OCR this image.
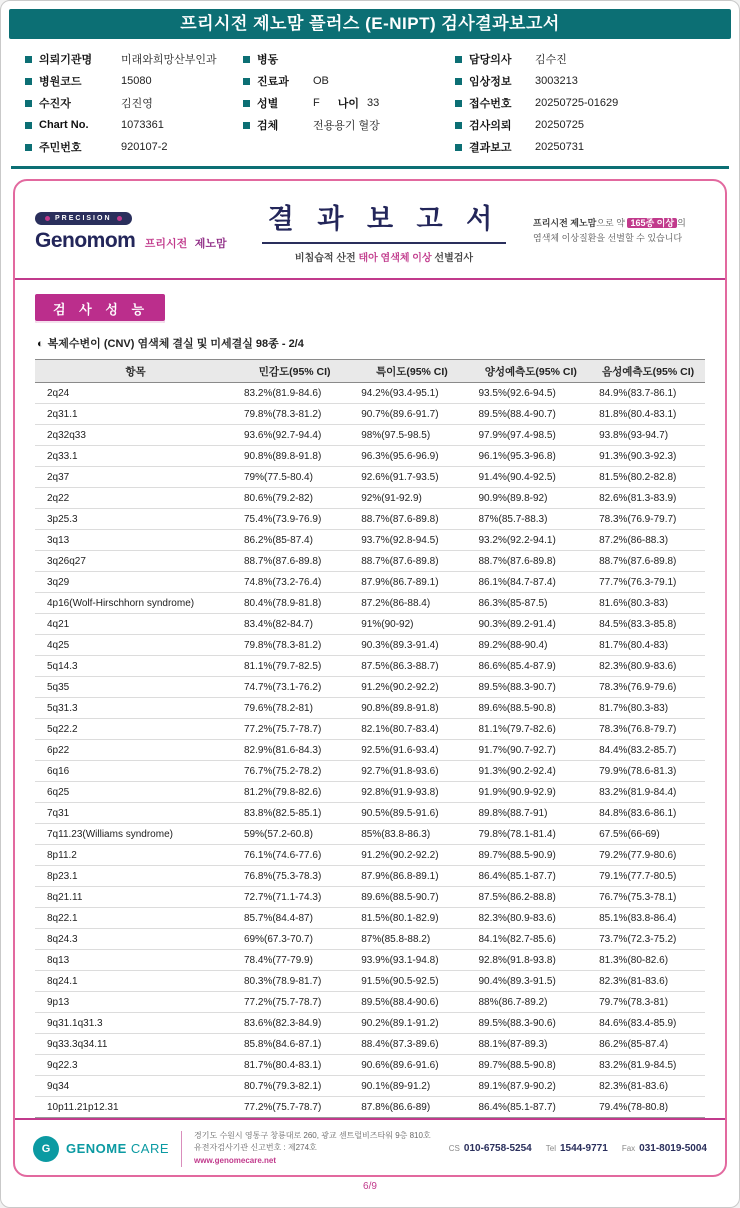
프리시전 제노맘 플러스 (E-NIPT) 검사결과보고서
의뢰기관명	미래와희망산부인과
병원코드	15080
수진자	김진영
Chart No.	1073361
주민번호	920107-2
병동
진료과	OB
성별	F 나이 33
검체	전용용기 혈장
담당의사	김수진
임상정보	3003213
접수번호	20250725-01629
검사의뢰	20250725
결과보고	20250731
PRECISION
Genomom 프리시전 제노맘
결 과 보 고 서
비침습적 산전 태아 염색체 이상 선별검사
프리시전 제노맘으로 약 165종 이상 의
염색체 이상질환을 선별할 수 있습니다
검 사 성 능
◐ 복제수변이 (CNV) 염색체 결실 및 미세결실 98종 - 2/4
항목	민감도(95% CI)	특이도(95% CI)	양성예측도(95% CI)	음성예측도(95% CI)
2q24	83.2%(81.9-84.6)	94.2%(93.4-95.1)	93.5%(92.6-94.5)	84.9%(83.7-86.1)
2q31.1	79.8%(78.3-81.2)	90.7%(89.6-91.7)	89.5%(88.4-90.7)	81.8%(80.4-83.1)
2q32q33	93.6%(92.7-94.4)	98%(97.5-98.5)	97.9%(97.4-98.5)	93.8%(93-94.7)
2q33.1	90.8%(89.8-91.8)	96.3%(95.6-96.9)	96.1%(95.3-96.8)	91.3%(90.3-92.3)
2q37	79%(77.5-80.4)	92.6%(91.7-93.5)	91.4%(90.4-92.5)	81.5%(80.2-82.8)
2q22	80.6%(79.2-82)	92%(91-92.9)	90.9%(89.8-92)	82.6%(81.3-83.9)
3p25.3	75.4%(73.9-76.9)	88.7%(87.6-89.8)	87%(85.7-88.3)	78.3%(76.9-79.7)
3q13	86.2%(85-87.4)	93.7%(92.8-94.5)	93.2%(92.2-94.1)	87.2%(86-88.3)
3q26q27	88.7%(87.6-89.8)	88.7%(87.6-89.8)	88.7%(87.6-89.8)	88.7%(87.6-89.8)
3q29	74.8%(73.2-76.4)	87.9%(86.7-89.1)	86.1%(84.7-87.4)	77.7%(76.3-79.1)
4p16(Wolf-Hirschhorn syndrome)	80.4%(78.9-81.8)	87.2%(86-88.4)	86.3%(85-87.5)	81.6%(80.3-83)
4q21	83.4%(82-84.7)	91%(90-92)	90.3%(89.2-91.4)	84.5%(83.3-85.8)
4q25	79.8%(78.3-81.2)	90.3%(89.3-91.4)	89.2%(88-90.4)	81.7%(80.4-83)
5q14.3	81.1%(79.7-82.5)	87.5%(86.3-88.7)	86.6%(85.4-87.9)	82.3%(80.9-83.6)
5q35	74.7%(73.1-76.2)	91.2%(90.2-92.2)	89.5%(88.3-90.7)	78.3%(76.9-79.6)
5q31.3	79.6%(78.2-81)	90.8%(89.8-91.8)	89.6%(88.5-90.8)	81.7%(80.3-83)
5q22.2	77.2%(75.7-78.7)	82.1%(80.7-83.4)	81.1%(79.7-82.6)	78.3%(76.8-79.7)
6p22	82.9%(81.6-84.3)	92.5%(91.6-93.4)	91.7%(90.7-92.7)	84.4%(83.2-85.7)
6q16	76.7%(75.2-78.2)	92.7%(91.8-93.6)	91.3%(90.2-92.4)	79.9%(78.6-81.3)
6q25	81.2%(79.8-82.6)	92.8%(91.9-93.8)	91.9%(90.9-92.9)	83.2%(81.9-84.4)
7q31	83.8%(82.5-85.1)	90.5%(89.5-91.6)	89.8%(88.7-91)	84.8%(83.6-86.1)
7q11.23(Williams syndrome)	59%(57.2-60.8)	85%(83.8-86.3)	79.8%(78.1-81.4)	67.5%(66-69)
8p11.2	76.1%(74.6-77.6)	91.2%(90.2-92.2)	89.7%(88.5-90.9)	79.2%(77.9-80.6)
8p23.1	76.8%(75.3-78.3)	87.9%(86.8-89.1)	86.4%(85.1-87.7)	79.1%(77.7-80.5)
8q21.11	72.7%(71.1-74.3)	89.6%(88.5-90.7)	87.5%(86.2-88.8)	76.7%(75.3-78.1)
8q22.1	85.7%(84.4-87)	81.5%(80.1-82.9)	82.3%(80.9-83.6)	85.1%(83.8-86.4)
8q24.3	69%(67.3-70.7)	87%(85.8-88.2)	84.1%(82.7-85.6)	73.7%(72.3-75.2)
8q13	78.4%(77-79.9)	93.9%(93.1-94.8)	92.8%(91.8-93.8)	81.3%(80-82.6)
8q24.1	80.3%(78.9-81.7)	91.5%(90.5-92.5)	90.4%(89.3-91.5)	82.3%(81-83.6)
9p13	77.2%(75.7-78.7)	89.5%(88.4-90.6)	88%(86.7-89.2)	79.7%(78.3-81)
9q31.1q31.3	83.6%(82.3-84.9)	90.2%(89.1-91.2)	89.5%(88.3-90.6)	84.6%(83.4-85.9)
9q33.3q34.11	85.8%(84.6-87.1)	88.4%(87.3-89.6)	88.1%(87-89.3)	86.2%(85-87.4)
9q22.3	81.7%(80.4-83.1)	90.6%(89.6-91.6)	89.7%(88.5-90.8)	83.2%(81.9-84.5)
9q34	80.7%(79.3-82.1)	90.1%(89-91.2)	89.1%(87.9-90.2)	82.3%(81-83.6)
10p11.21p12.31	77.2%(75.7-78.7)	87.8%(86.6-89)	86.4%(85.1-87.7)	79.4%(78-80.8)
G	GENOME CARE
경기도 수원시 영통구 창룡대로 260, 광교 센트럴비즈타워 9층 810호
유전자검사기관 신고번호 : 제274호
www.genomecare.net
CS 010-6758-5254 Tel 1544-9771 Fax 031-8019-5004
6/9
